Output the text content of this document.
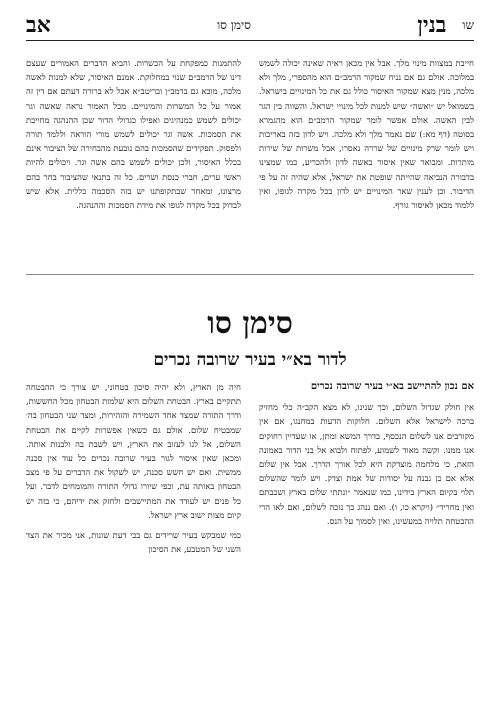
שו
בנין
סימן סו
אב

חייבת במצוות מינוי מלך. אבל אין מכאן ראיה שאינה יכולה לשמש במלוכה. אולם גם אם נניח שמקור הרמב״ם הוא מהספרי, מלך ולא מלכה, מנין מצא שמקור האיסור כולל גם את כל המינויים בישראל. בשמואל יש ״ואשה״ שיש למנות לכל מינויי ישראל. והשווה בין הגר לבין האשה. אולם אפשר לומר שמקור הרמב״ם הוא מהגמרא בסוטה (דף מא:) שם נאמר מלך ולא מלכה. ויש לדון בזה באריכות ויש לומר שרק מינויים של שררה נאסרו, אבל משרות של שירות מותרות. ומבואר שאין איסור באשה לדון ולהכריע, כמו שמצינו בדבורה הנביאה שהייתה שופטת את ישראל, אלא שהיה זה על פי הדיבור. וכן לענין שאר המינויים יש לדון בכל מקרה לגופו, ואין ללמוד מכאן לאיסור גורף.

להתמנות כמפקחת על הכשרות. והביא הדברים האמורים שעצם דינו של הרמב״ם שנוי במחלוקת. אמנם האיסור, שלא למנות לאשה מלכה, מובא גם ברמב״ן ובריטב״א אבל לא ברורה דעתם אם דין זה אמור על כל המשרות והמינויים. מכל האמור נראה שאשה וגר יכולים לשמש כמנהיגים ואפילו כגדולי הדור שכן ההנהגה מחייבת את הסמכות. אשה וגר יכולים לשמש מורי הוראה וללמד תורה ולפסוק. תפקידים שהסמכות בהם נובעת מהבחירה של הציבור אינם בכלל האיסור, ולכן יכולים לשמש בהם אשה וגר. ויכולים להיות ראשי ערים, חברי כנסת ושרים. כל זה בתנאי שהציבור בחר בהם מרצונו, ומאחר שבתקופתנו יש בזה הסכמה כללית. אלא שיש לבדוק בכל מקרה לגופו את מידת הסמכות וההנהגה.

סימן סו
לדור בא״י בעיר שרובה נכרים
אם נכון להתיישב בא״י בעיר שרובה נכרים

אין חולק שגדול השלום, וכך שנינו, לא מצא הקב״ה כלי מחזיק ברכה לישראל אלא השלום. חלוקות הדעות במחנגו, אם אין מקורבים אנו לשלום הנכסף, בדרך המשא ומתן, או שעדיין רחוקים אנו ממנו. וקשה מאוד לשמוע, לפתוח ולבוא אל בני הדור באמונה הזאת, כי מלחמה מוצדקת היא לכל אורך הדרך. אבל אין שלום אלא אם כן נבנה על יסודות של אמת וצדק. ויש לומר שהשלום תלוי בקיום הארץ בידינו, כמו שנאמר ״ונתתי שלום בארץ ושכבתם ואין מחריד״ (ויקרא כו, ו). ואם ננהג כך נזכה לשלום, ואם לאו הרי ההבטחה תלויה במעשינו, ואין לסמוך על הנס.

חיה מן הארץ, ולא יהיה סיכון בטחוני, יש צורך כי ההבטחה תתקיים בארץ. הבטחת השלום היא שלמות הבטחון מכל החששות, ודרך התורה שמצד אחד השמירה והזהירות, ומצד שני הבטחון בה׳ שמבטיח שלום. אולם גם כשאין אפשרות לקיים את הבטחת השלום, אל לנו לעזוב את הארץ, ויש לשבת בה ולבנות אותה. ומכאן שאין איסור לגור בעיר שרובה נכרים כל עוד אין סכנה ממשית. ואם יש חשש סכנה, יש לשקול את הדברים על פי מצב הבטחון באותה עת, וכפי שיורו גדולי התורה והמומחים לדבר. ועל כל פנים יש לעודד את המתיישבים ולחזק את ידיהם, כי בזה יש קיום מצות ישוב ארץ ישראל.

כמי שמבקש בעיר שרידים גם בכי דעת שונות, אני מכיר את הצד השני של המטבע, את הסיכון
